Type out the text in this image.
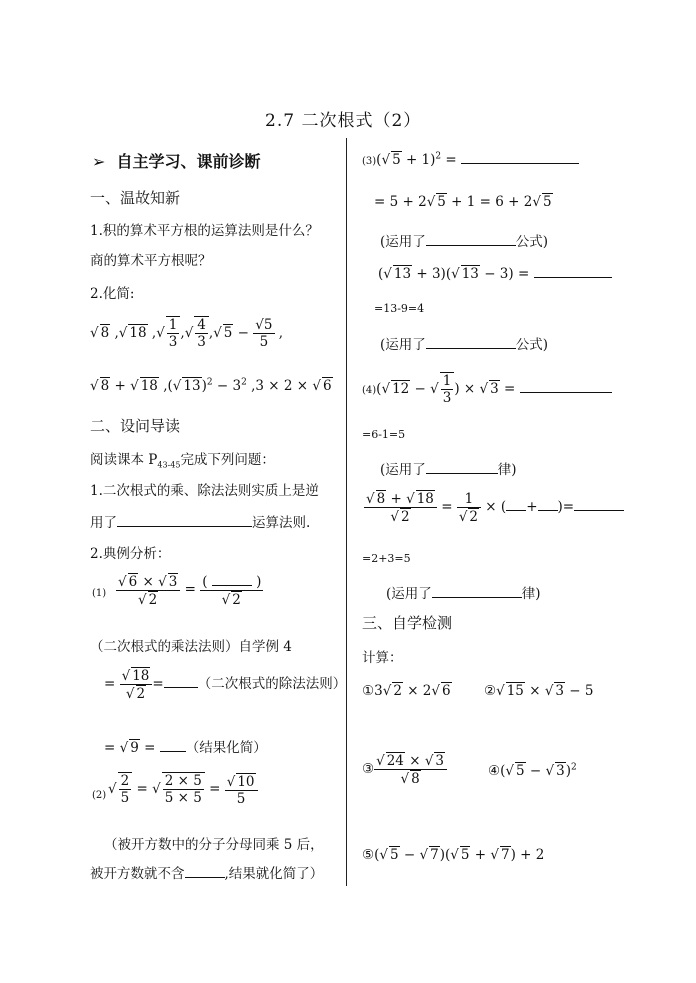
2.7 二次根式（2）
➢ 自主学习、课前诊断
一、温故知新
1.积的算术平方根的运算法则是什么？
商的算术平方根呢？
2.化简:
√ 8 ,√ 18 ,√ $\frac{1}{3}$ ,√ $\frac{4}{3}$ ,√ $5 - \frac{√5}{5}$ ,
√ 8 + √ 18 ,(√ $13)^2 - 3^2$ ,3 × 2 × √ 6
二、设问导读
阅读课本 $P_{43-45}$完成下列问题：
1.二次根式的乘、除法法则实质上是逆
用了	运算法则.
2.典例分析：
$(1) \frac{√ 6 \times √ 3}{√ 2}$ = (	)
√ 2
（二次根式的乘法法则）自学例 4
= $\frac{√ 18}{√ 2}$ =	（二次根式的除法法则）
= √ 9 = （结果化简）
(2) √ $\frac{2}{5}$ = √ $\frac{2 \times 5}{5 \times 5} = \frac{√ 10}{5}$
（被开方数中的分子分母同乘 5 后，
被开方数就不含	,结果就化简了）
(3)(√ 5 + 1)$^2$ =
= 5 + 2√ 5 + 1 = 6 + 2√ 5
(运用了	公式)
(√ 13 + 3)(√ 13 − 3) =
=13-9=4
(运用了	公式)
(4)(√ 12 − √ $\frac{1}{3}$ ) × √ 3 =
=6-1=5
(运用了	律)
$\frac{√ 8 + √ 18}{√ 2} = \frac{1}{√ 2}$ × ( + )=
=2+3=5
(运用了	律)
三、自学检测
计算：
①3√ 2 × 2√ 6 ②√ 15 × √ 3 − 5
③ $\frac{√ 24 \times √ 3}{√ 8}$	④(√ 5 − √ 3)$^2$
⑤(√ 5 − √ 7)(√ 5 + √ 7) + 2
